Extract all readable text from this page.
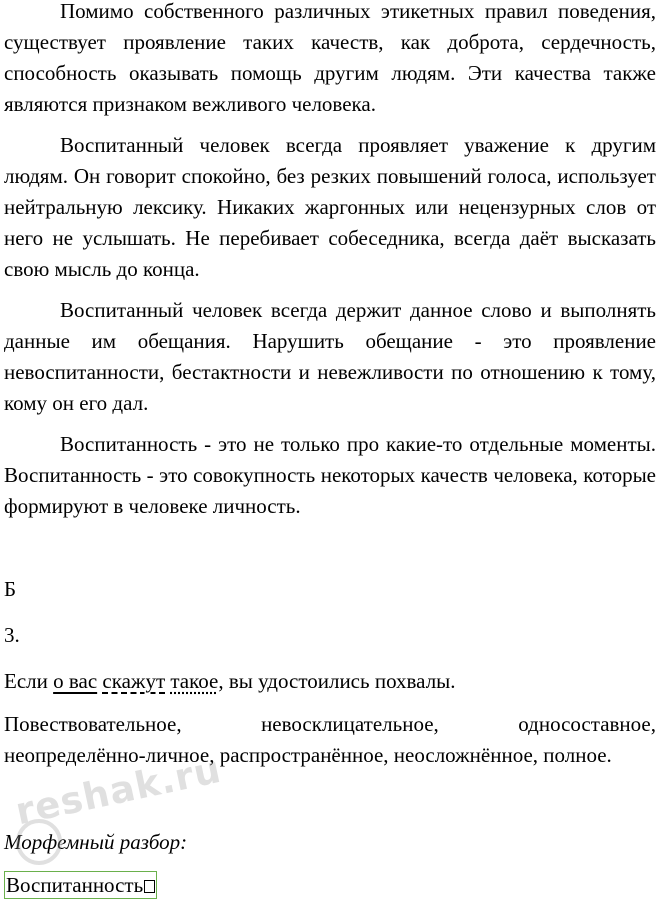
Помимо собственного различных этикетных правил поведения, существует проявление таких качеств, как доброта, сердечность, способность оказывать помощь другим людям. Эти качества также являются признаком вежливого человека.

Воспитанный человек всегда проявляет уважение к другим людям. Он говорит спокойно, без резких повышений голоса, использует нейтральную лексику. Никаких жаргонных или нецензурных слов от него не услышать. Не перебивает собеседника, всегда даёт высказать свою мысль до конца.

Воспитанный человек всегда держит данное слово и выполнять данные им обещания. Нарушить обещание - это проявление невоспитанности, бестактности и невежливости по отношению к тому, кому он его дал.

Воспитанность - это не только про какие-то отдельные моменты. Воспитанность - это совокупность некоторых качеств человека, которые формируют в человеке личность.

Б

3.

Если о вас скажут такое, вы удостоились похвалы.

Повествовательное,	невосклицательное,	односоставное,

неопределённо-личное, распространённое, неосложнённое, полное.

Морфемный разбор:

Воспитанность

reshak.ru
